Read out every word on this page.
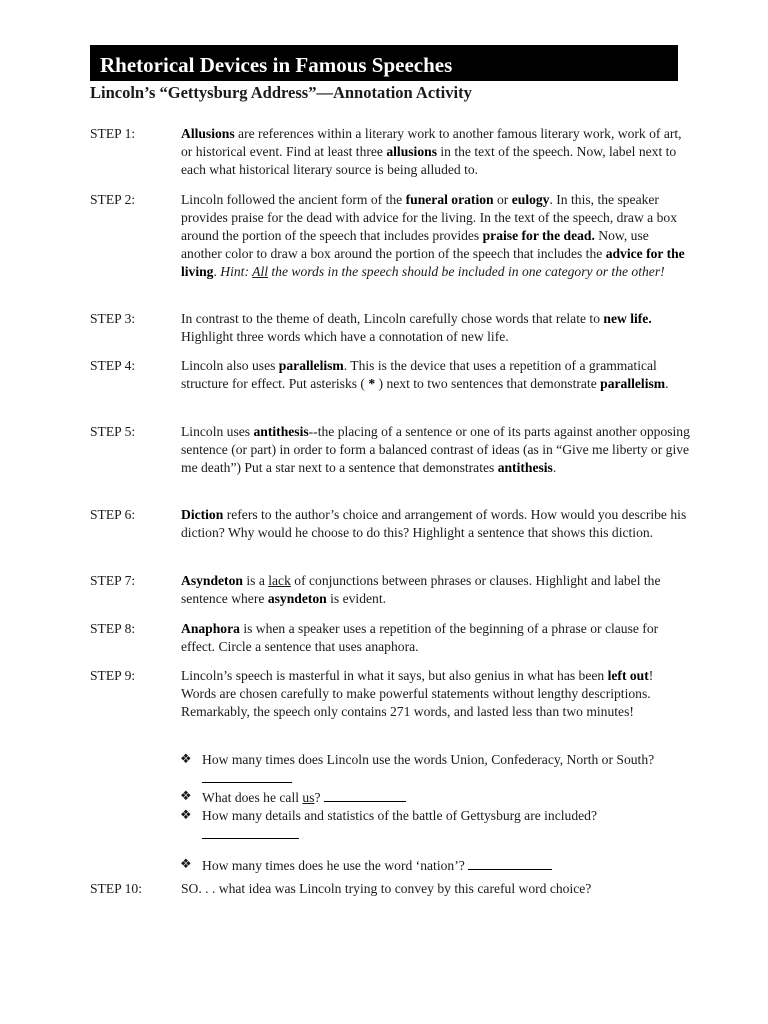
Rhetorical Devices in Famous Speeches
Lincoln’s “Gettysburg Address”—Annotation Activity
STEP 1:	Allusions are references within a literary work to another famous literary work, work of art, or historical event. Find at least three allusions in the text of the speech. Now, label next to each what historical literary source is being alluded to.
STEP 2:	Lincoln followed the ancient form of the funeral oration or eulogy. In this, the speaker provides praise for the dead with advice for the living. In the text of the speech, draw a box around the portion of the speech that includes provides praise for the dead. Now, use another color to draw a box around the portion of the speech that includes the advice for the living. Hint: All the words in the speech should be included in one category or the other!
STEP 3:	In contrast to the theme of death, Lincoln carefully chose words that relate to new life. Highlight three words which have a connotation of new life.
STEP 4:	Lincoln also uses parallelism. This is the device that uses a repetition of a grammatical structure for effect. Put asterisks ( * ) next to two sentences that demonstrate parallelism.
STEP 5:	Lincoln uses antithesis--the placing of a sentence or one of its parts against another opposing sentence (or part) in order to form a balanced contrast of ideas (as in “Give me liberty or give me death”) Put a star next to a sentence that demonstrates antithesis.
STEP 6:	Diction refers to the author’s choice and arrangement of words. How would you describe his diction? Why would he choose to do this? Highlight a sentence that shows this diction.
STEP 7:	Asyndeton is a lack of conjunctions between phrases or clauses. Highlight and label the sentence where asyndeton is evident.
STEP 8:	Anaphora is when a speaker uses a repetition of the beginning of a phrase or clause for effect. Circle a sentence that uses anaphora.
STEP 9:	Lincoln’s speech is masterful in what it says, but also genius in what has been left out! Words are chosen carefully to make powerful statements without lengthy descriptions. Remarkably, the speech only contains 271 words, and lasted less than two minutes!
❖ How many times does Lincoln use the words Union, Confederacy, North or South?
❖ What does he call us?
❖ How many details and statistics of the battle of Gettysburg are included?
❖ How many times does he use the word ‘nation’?
STEP 10:	SO. . . what idea was Lincoln trying to convey by this careful word choice?
